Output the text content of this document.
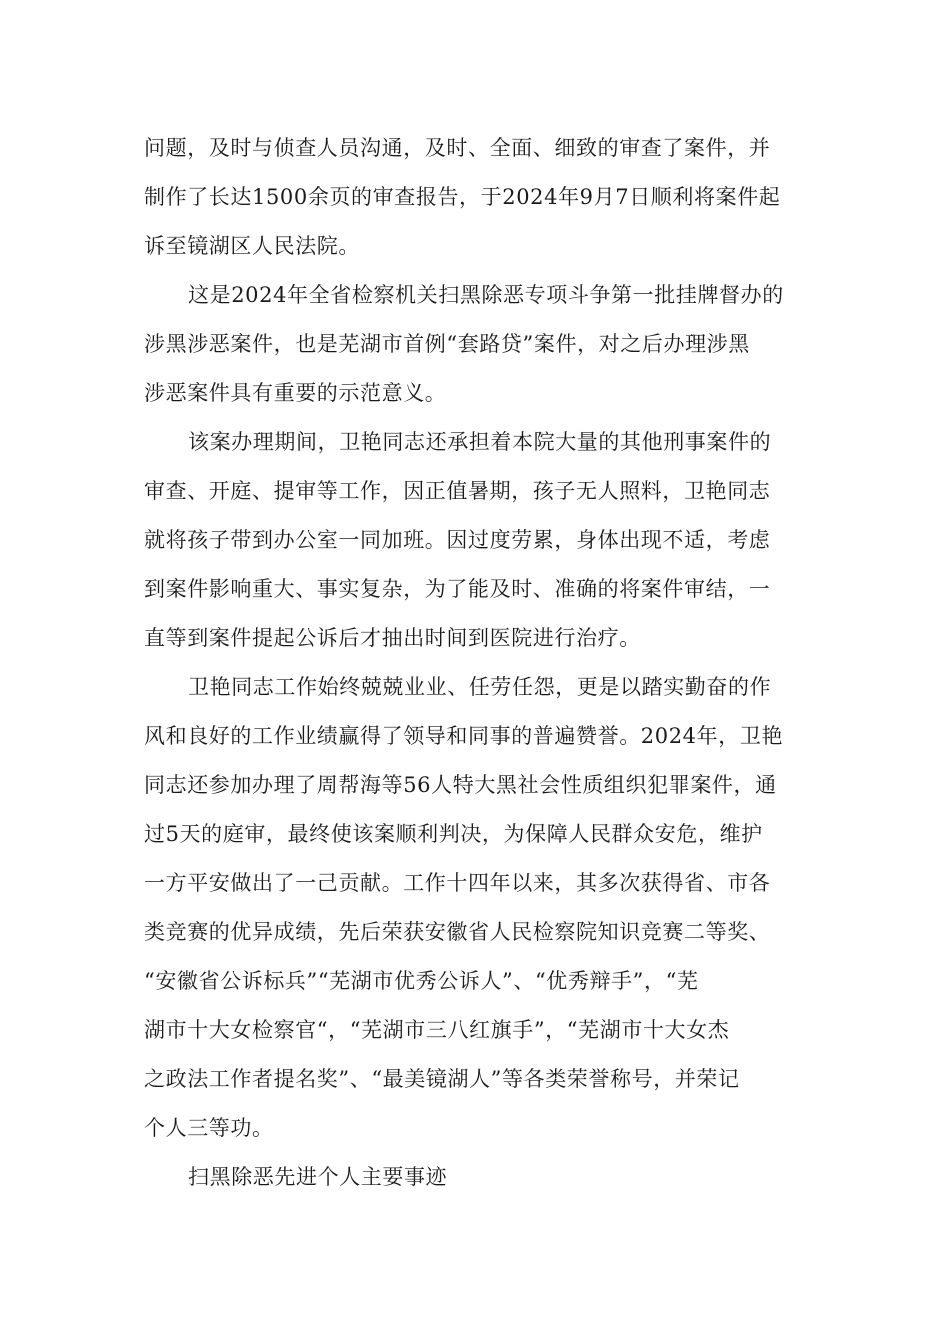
问题，及时与侦查人员沟通，及时、全面、细致的审查了案件，并
制作了长达1500余页的审查报告，于2024年9月7日顺利将案件起
诉至镜湖区人民法院。
这是2024年全省检察机关扫黑除恶专项斗争第一批挂牌督办的
涉黑涉恶案件，也是芜湖市首例“套路贷”案件，对之后办理涉黑
涉恶案件具有重要的示范意义。
该案办理期间，卫艳同志还承担着本院大量的其他刑事案件的
审查、开庭、提审等工作，因正值暑期，孩子无人照料，卫艳同志
就将孩子带到办公室一同加班。因过度劳累，身体出现不适，考虑
到案件影响重大、事实复杂，为了能及时、准确的将案件审结，一
直等到案件提起公诉后才抽出时间到医院进行治疗。
卫艳同志工作始终兢兢业业、任劳任怨，更是以踏实勤奋的作
风和良好的工作业绩赢得了领导和同事的普遍赞誉。2024年，卫艳
同志还参加办理了周帮海等56人特大黑社会性质组织犯罪案件，通
过5天的庭审，最终使该案顺利判决，为保障人民群众安危，维护
一方平安做出了一己贡献。工作十四年以来，其多次获得省、市各
类竞赛的优异成绩，先后荣获安徽省人民检察院知识竞赛二等奖、
“安徽省公诉标兵”“芜湖市优秀公诉人”、“优秀辩手”，“芜
湖市十大女检察官“，“芜湖市三八红旗手”，“芜湖市十大女杰
之政法工作者提名奖”、“最美镜湖人”等各类荣誉称号，并荣记
个人三等功。
扫黑除恶先进个人主要事迹
